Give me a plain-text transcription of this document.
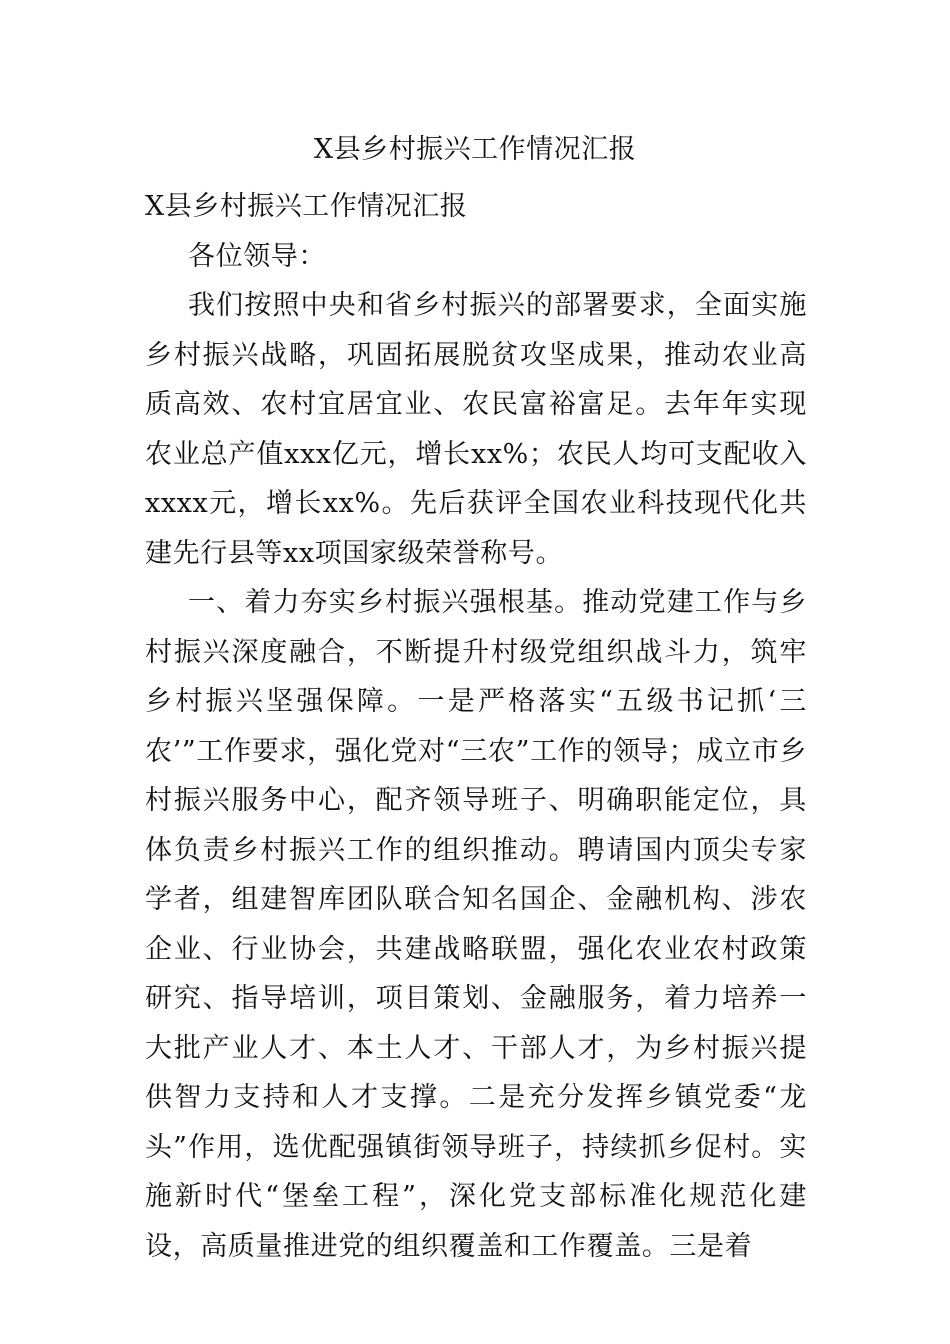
X县乡村振兴工作情况汇报

X县乡村振兴工作情况汇报

各位领导：

我们按照中央和省乡村振兴的部署要求，全面实施乡村振兴战略，巩固拓展脱贫攻坚成果，推动农业高质高效、农村宜居宜业、农民富裕富足。去年年实现农业总产值xxx亿元，增长xx%；农民人均可支配收入xxxx元，增长xx%。先后获评全国农业科技现代化共建先行县等xx项国家级荣誉称号。

一、着力夯实乡村振兴强根基。推动党建工作与乡村振兴深度融合，不断提升村级党组织战斗力，筑牢乡村振兴坚强保障。一是严格落实“五级书记抓‘三农’”工作要求，强化党对“三农”工作的领导；成立市乡村振兴服务中心，配齐领导班子、明确职能定位，具体负责乡村振兴工作的组织推动。聘请国内顶尖专家学者，组建智库团队联合知名国企、金融机构、涉农企业、行业协会，共建战略联盟，强化农业农村政策研究、指导培训，项目策划、金融服务，着力培养一大批产业人才、本土人才、干部人才，为乡村振兴提供智力支持和人才支撑。二是充分发挥乡镇党委“龙头”作用，选优配强镇街领导班子，持续抓乡促村。实施新时代“堡垒工程”，深化党支部标准化规范化建设，高质量推进党的组织覆盖和工作覆盖。三是着
